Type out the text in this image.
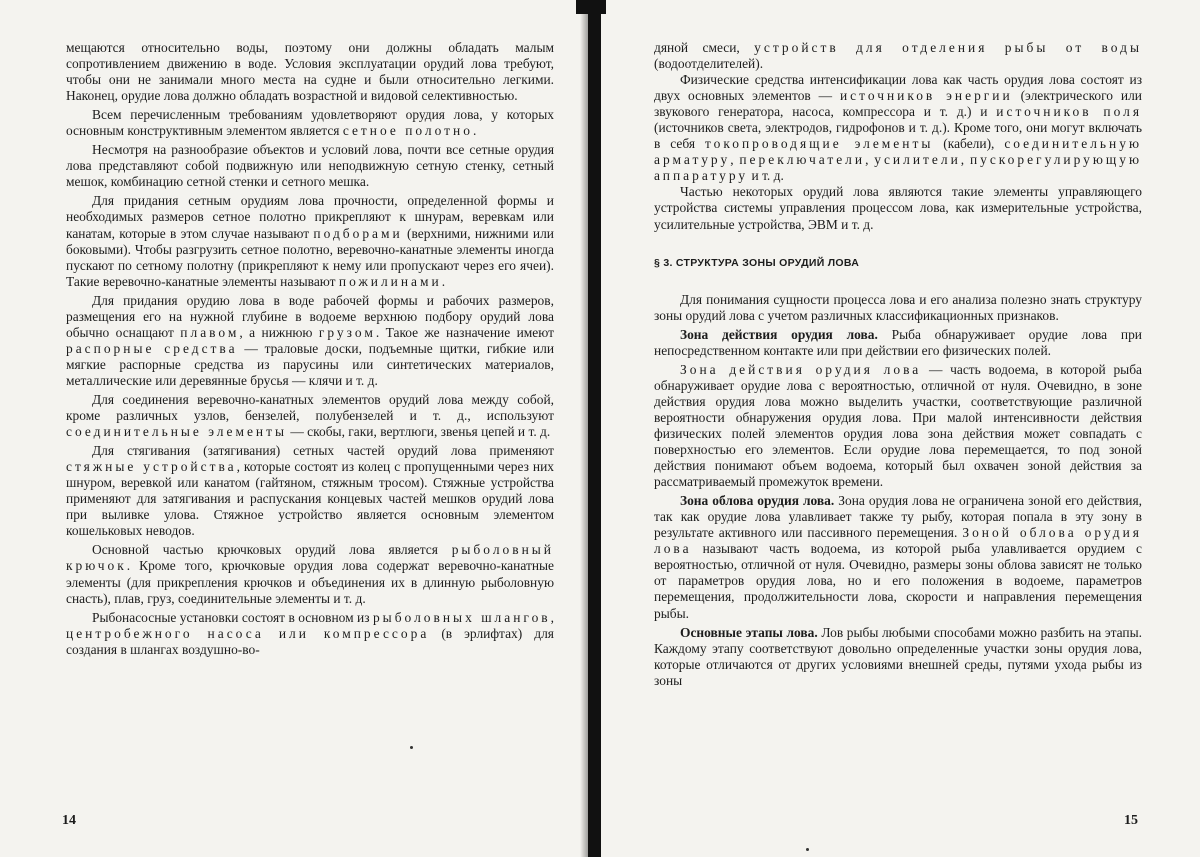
мещаются относительно воды, поэтому они должны обладать малым сопротивлением движению в воде. Условия эксплуатации орудий лова требуют, чтобы они не занимали много места на судне и были относительно легкими. Наконец, орудие лова должно обладать возрастной и видовой селективностью.

Всем перечисленным требованиям удовлетворяют орудия лова, у которых основным конструктивным элементом является сетное полотно.

Несмотря на разнообразие объектов и условий лова, почти все сетные орудия лова представляют собой подвижную или неподвижную сетную стенку, сетный мешок, комбинацию сетной стенки и сетного мешка.

Для придания сетным орудиям лова прочности, определенной формы и необходимых размеров сетное полотно прикрепляют к шнурам, веревкам или канатам, которые в этом случае называют подборами (верхними, нижними или боковыми). Чтобы разгрузить сетное полотно, веревочно-канатные элементы иногда пускают по сетному полотну (прикрепляют к нему или пропускают через его ячеи). Такие веревочно-канатные элементы называют пожилинами.

Для придания орудию лова в воде рабочей формы и рабочих размеров, размещения его на нужной глубине в водоеме верхнюю подбору орудий лова обычно оснащают плавом, а нижнюю грузом. Такое же назначение имеют распорные средства — траловые доски, подъемные щитки, гибкие или мягкие распорные средства из парусины или синтетических материалов, металлические или деревянные брусья — клячи и т. д.

Для соединения веревочно-канатных элементов орудий лова между собой, кроме различных узлов, бензелей, полубензелей и т. д., используют соединительные элементы — скобы, гаки, вертлюги, звенья цепей и т. д.

Для стягивания (затягивания) сетных частей орудий лова применяют стяжные устройства, которые состоят из колец с пропущенными через них шнуром, веревкой или канатом (гайтяном, стяжным тросом). Стяжные устройства применяют для затягивания и распускания концевых частей мешков орудий лова при выливке улова. Стяжное устройство является основным элементом кошельковых неводов.

Основной частью крючковых орудий лова является рыболовный крючок. Кроме того, крючковые орудия лова содержат веревочно-канатные элементы (для прикрепления крючков и объединения их в длинную рыболовную снасть), плав, груз, соединительные элементы и т. д.

Рыбонасосные установки состоят в основном из рыболовных шлангов, центробежного насоса или компрессора (в эрлифтах) для создания в шлангах воздушно-во-

14

дяной смеси, устройств для отделения рыбы от воды (водоотделителей).

Физические средства интенсификации лова как часть орудия лова состоят из двух основных элементов — источников энергии (электрического или звукового генератора, насоса, компрессора и т. д.) и источников поля (источников света, электродов, гидрофонов и т. д.). Кроме того, они могут включать в себя токопроводящие элементы (кабели), соединительную арматуру, переключатели, усилители, пускорегулирующую аппаратуру и т. д.

Частью некоторых орудий лова являются такие элементы управляющего устройства системы управления процессом лова, как измерительные устройства, усилительные устройства, ЭВМ и т. д.

§ 3. СТРУКТУРА ЗОНЫ ОРУДИЙ ЛОВА

Для понимания сущности процесса лова и его анализа полезно знать структуру зоны орудий лова с учетом различных классификационных признаков.

Зона действия орудия лова. Рыба обнаруживает орудие лова при непосредственном контакте или при действии его физических полей.

Зона действия орудия лова — часть водоема, в которой рыба обнаруживает орудие лова с вероятностью, отличной от нуля. Очевидно, в зоне действия орудия лова можно выделить участки, соответствующие различной вероятности обнаружения орудия лова. При малой интенсивности действия физических полей элементов орудия лова зона действия может совпадать с поверхностью его элементов. Если орудие лова перемещается, то под зоной действия понимают объем водоема, который был охвачен зоной действия за рассматриваемый промежуток времени.

Зона облова орудия лова. Зона орудия лова не ограничена зоной его действия, так как орудие лова улавливает также ту рыбу, которая попала в эту зону в результате активного или пассивного перемещения. Зоной облова орудия лова называют часть водоема, из которой рыба улавливается орудием с вероятностью, отличной от нуля. Очевидно, размеры зоны облова зависят не только от параметров орудия лова, но и его положения в водоеме, параметров перемещения, продолжительности лова, скорости и направления перемещения рыбы.

Основные этапы лова. Лов рыбы любыми способами можно разбить на этапы. Каждому этапу соответствуют довольно определенные участки зоны орудия лова, которые отличаются от других условиями внешней среды, путями ухода рыбы из зоны

15
